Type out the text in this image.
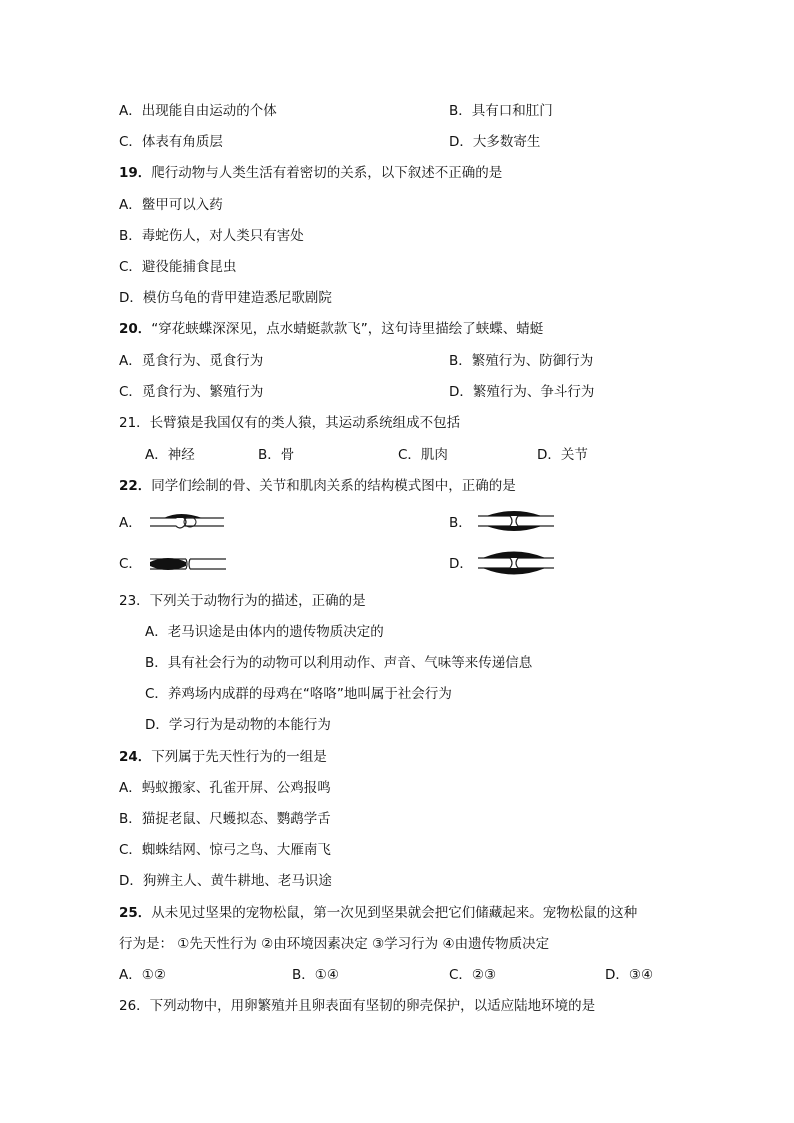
A．出现能自由运动的个体	B．具有口和肛门
C．体表有角质层	D．大多数寄生
19．爬行动物与人类生活有着密切的关系，以下叙述不正确的是
A．鳖甲可以入药
B．毒蛇伤人，对人类只有害处
C．避役能捕食昆虫
D．模仿乌龟的背甲建造悉尼歌剧院
20．“穿花蛱蝶深深见，点水蜻蜓款款飞”，这句诗里描绘了蛱蝶、蜻蜓
A．觅食行为、觅食行为	B．繁殖行为、防御行为
C．觅食行为、繁殖行为	D．繁殖行为、争斗行为
21．长臂猿是我国仅有的类人猿，其运动系统组成不包括
A．神经	B．骨	C．肌肉	D．关节
22．同学们绘制的骨、关节和肌肉关系的结构模式图中，正确的是
A．	B．
C．	D．
23．下列关于动物行为的描述，正确的是
A．老马识途是由体内的遗传物质决定的
B．具有社会行为的动物可以利用动作、声音、气味等来传递信息
C．养鸡场内成群的母鸡在“咯咯”地叫属于社会行为
D．学习行为是动物的本能行为
24．下列属于先天性行为的一组是
A．蚂蚁搬家、孔雀开屏、公鸡报鸣
B．猫捉老鼠、尺蠖拟态、鹦鹉学舌
C．蜘蛛结网、惊弓之鸟、大雁南飞
D．狗辨主人、黄牛耕地、老马识途
25．从未见过坚果的宠物松鼠，第一次见到坚果就会把它们储藏起来。宠物松鼠的这种
行为是： ①先天性行为 ②由环境因素决定 ③学习行为 ④由遗传物质决定
A．①②	B．①④	C．②③	D．③④
26．下列动物中，用卵繁殖并且卵表面有坚韧的卵壳保护，以适应陆地环境的是
